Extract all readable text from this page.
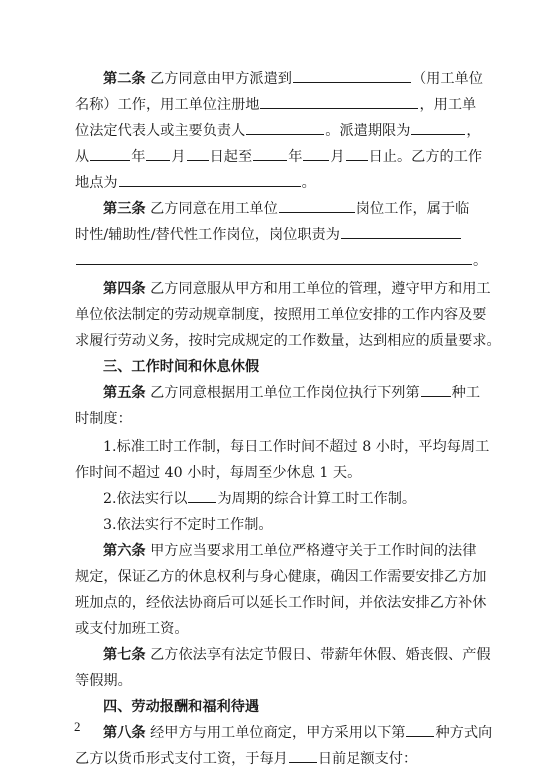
第二条 乙方同意由甲方派遣到	（用工单位
名称）工作，用工单位注册地	，用工单
位法定代表人或主要负责人	。派遣期限为	，
从	年 月 日起至	年 月 日止。乙方的工作
地点为	。
第三条 乙方同意在用工单位	岗位工作，属于临
时性/辅助性/替代性工作岗位，岗位职责为
。
第四条 乙方同意服从甲方和用工单位的管理，遵守甲方和用工
单位依法制定的劳动规章制度，按照用工单位安排的工作内容及要
求履行劳动义务，按时完成规定的工作数量，达到相应的质量要求。
三、工作时间和休息休假
第五条 乙方同意根据用工单位工作岗位执行下列第 种工
时制度：
1.标准工时工作制，每日工作时间不超过 8 小时，平均每周工
作时间不超过 40 小时，每周至少休息 1 天。
2.依法实行以 为周期的综合计算工时工作制。
3.依法实行不定时工作制。
第六条 甲方应当要求用工单位严格遵守关于工作时间的法律
规定，保证乙方的休息权利与身心健康，确因工作需要安排乙方加
班加点的，经依法协商后可以延长工作时间，并依法安排乙方补休
或支付加班工资。
第七条 乙方依法享有法定节假日、带薪年休假、婚丧假、产假
等假期。
四、劳动报酬和福利待遇
第八条 经甲方与用工单位商定，甲方采用以下第 种方式向
乙方以货币形式支付工资，于每月 日前足额支付：
2
